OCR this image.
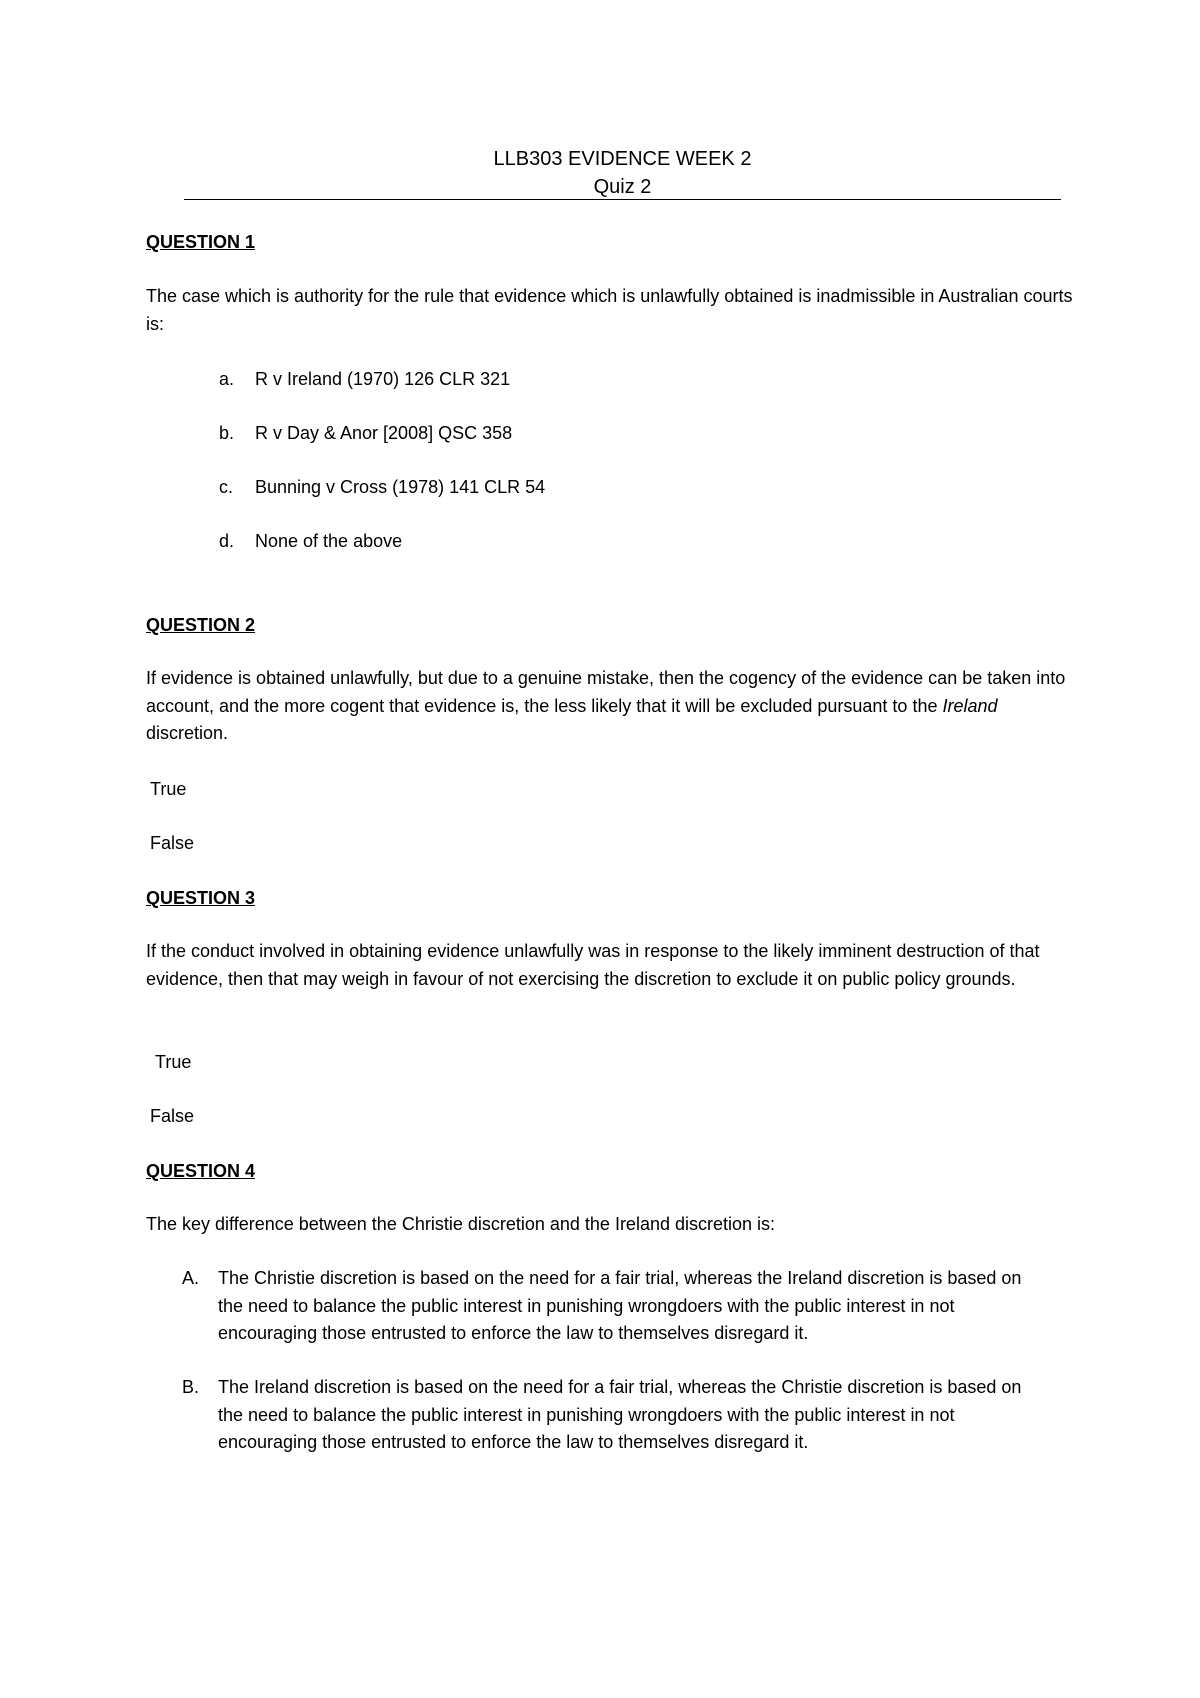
LLB303 EVIDENCE WEEK 2
Quiz 2
QUESTION 1
The case which is authority for the rule that evidence which is unlawfully obtained is inadmissible in Australian courts is:
a. R v Ireland (1970) 126 CLR 321
b. R v Day & Anor [2008] QSC 358
c. Bunning v Cross (1978) 141 CLR 54
d. None of the above
QUESTION 2
If evidence is obtained unlawfully, but due to a genuine mistake, then the cogency of the evidence can be taken into account, and the more cogent that evidence is, the less likely that it will be excluded pursuant to the Ireland discretion.
True
False
QUESTION 3
If the conduct involved in obtaining evidence unlawfully was in response to the likely imminent destruction of that evidence, then that may weigh in favour of not exercising the discretion to exclude it on public policy grounds.
True
False
QUESTION 4
The key difference between the Christie discretion and the Ireland discretion is:
A. The Christie discretion is based on the need for a fair trial, whereas the Ireland discretion is based on the need to balance the public interest in punishing wrongdoers with the public interest in not encouraging those entrusted to enforce the law to themselves disregard it.
B. The Ireland discretion is based on the need for a fair trial, whereas the Christie discretion is based on the need to balance the public interest in punishing wrongdoers with the public interest in not encouraging those entrusted to enforce the law to themselves disregard it.
